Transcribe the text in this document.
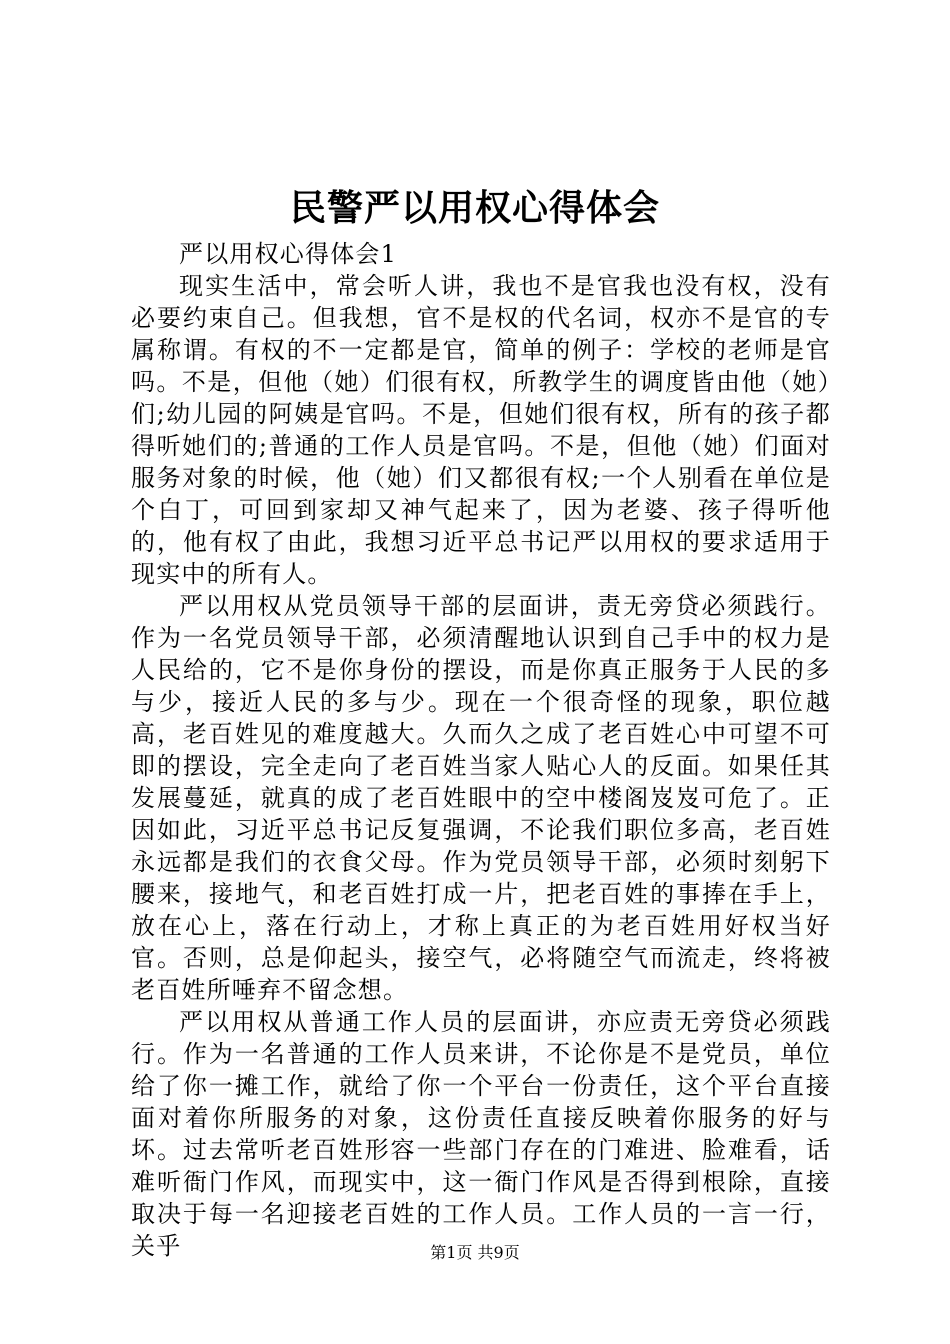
民警严以用权心得体会

严以用权心得体会1

现实生活中，常会听人讲，我也不是官我也没有权，没有必要约束自己。但我想，官不是权的代名词，权亦不是官的专属称谓。有权的不一定都是官，简单的例子：学校的老师是官吗。不是，但他（她）们很有权，所教学生的调度皆由他（她）们;幼儿园的阿姨是官吗。不是，但她们很有权，所有的孩子都得听她们的;普通的工作人员是官吗。不是，但他（她）们面对服务对象的时候，他（她）们又都很有权;一个人别看在单位是个白丁，可回到家却又神气起来了，因为老婆、孩子得听他的，他有权了由此，我想习近平总书记严以用权的要求适用于现实中的所有人。

严以用权从党员领导干部的层面讲，责无旁贷必须践行。作为一名党员领导干部，必须清醒地认识到自己手中的权力是人民给的，它不是你身份的摆设，而是你真正服务于人民的多与少，接近人民的多与少。现在一个很奇怪的现象，职位越高，老百姓见的难度越大。久而久之成了老百姓心中可望不可即的摆设，完全走向了老百姓当家人贴心人的反面。如果任其发展蔓延，就真的成了老百姓眼中的空中楼阁岌岌可危了。正因如此，习近平总书记反复强调，不论我们职位多高，老百姓永远都是我们的衣食父母。作为党员领导干部，必须时刻躬下腰来，接地气，和老百姓打成一片，把老百姓的事捧在手上，放在心上，落在行动上，才称上真正的为老百姓用好权当好官。否则，总是仰起头，接空气，必将随空气而流走，终将被老百姓所唾弃不留念想。

严以用权从普通工作人员的层面讲，亦应责无旁贷必须践行。作为一名普通的工作人员来讲，不论你是不是党员，单位给了你一摊工作，就给了你一个平台一份责任，这个平台直接面对着你所服务的对象，这份责任直接反映着你服务的好与坏。过去常听老百姓形容一些部门存在的门难进、脸难看，话难听衙门作风，而现实中，这一衙门作风是否得到根除，直接取决于每一名迎接老百姓的工作人员。工作人员的一言一行，关乎	第1页 共9页
